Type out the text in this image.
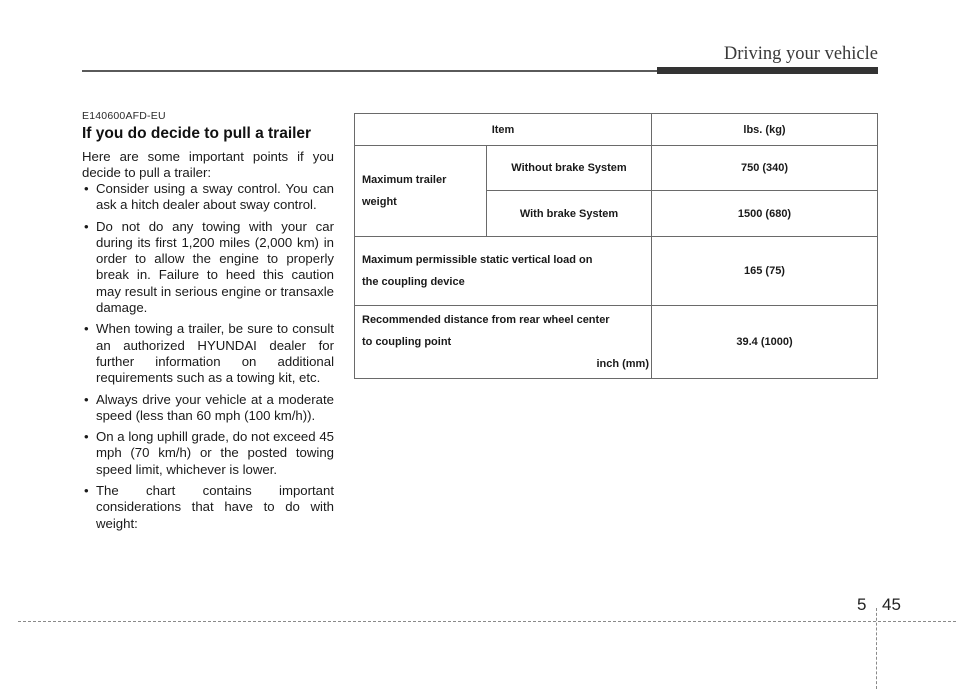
Driving your vehicle
E140600AFD-EU
If you do decide to pull a trailer

Here are some important points if you decide to pull a trailer:

• Consider using a sway control. You can ask a hitch dealer about sway control.
• Do not do any towing with your car during its first 1,200 miles (2,000 km) in order to allow the engine to properly break in. Failure to heed this caution may result in serious engine or transaxle damage.
• When towing a trailer, be sure to consult an authorized HYUNDAI dealer for further information on additional requirements such as a towing kit, etc.
• Always drive your vehicle at a moderate speed (less than 60 mph (100 km/h)).
• On a long uphill grade, do not exceed 45 mph (70 km/h) or the posted towing speed limit, whichever is lower.
• The chart contains important considerations that have to do with weight:
Item		lbs. (kg)
Maximum trailer
weight	Without brake System	750 (340)
	With brake System	1500 (680)
Maximum permissible static vertical load on
the coupling device		165 (75)
Recommended distance from rear wheel center
to coupling point
inch (mm)		39.4 (1000)
5 45
